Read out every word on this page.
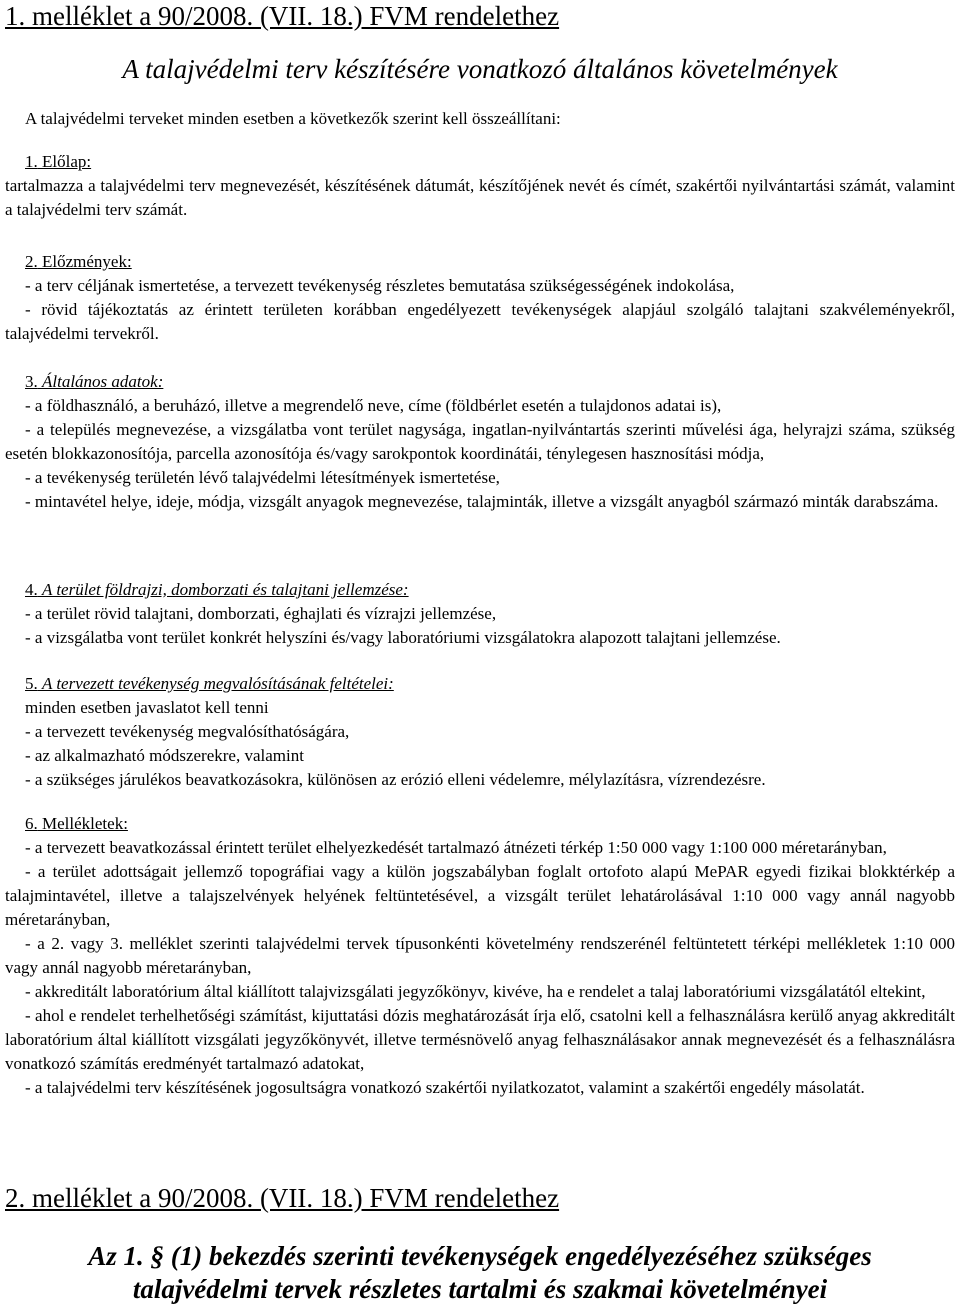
1. melléklet a 90/2008. (VII. 18.) FVM rendelethez
A talajvédelmi terv készítésére vonatkozó általános követelmények

A talajvédelmi terveket minden esetben a következők szerint kell összeállítani:

1. Előlap:

tartalmazza a talajvédelmi terv megnevezését, készítésének dátumát, készítőjének nevét és címét, szakértői nyilvántartási számát, valamint a talajvédelmi terv számát.

2. Előzmények:

- a terv céljának ismertetése, a tervezett tevékenység részletes bemutatása szükségességének indokolása,

- rövid tájékoztatás az érintett területen korábban engedélyezett tevékenységek alapjául szolgáló talajtani szakvéleményekről, talajvédelmi tervekről.

3. Általános adatok:

- a földhasználó, a beruházó, illetve a megrendelő neve, címe (földbérlet esetén a tulajdonos adatai is),

- a település megnevezése, a vizsgálatba vont terület nagysága, ingatlan-nyilvántartás szerinti művelési ága, helyrajzi száma, szükség esetén blokkazonosítója, parcella azonosítója és/vagy sarokpontok koordinátái, ténylegesen hasznosítási módja,

- a tevékenység területén lévő talajvédelmi létesítmények ismertetése,

- mintavétel helye, ideje, módja, vizsgált anyagok megnevezése, talajminták, illetve a vizsgált anyagból származó minták darabszáma.

4. A terület földrajzi, domborzati és talajtani jellemzése:

- a terület rövid talajtani, domborzati, éghajlati és vízrajzi jellemzése,

- a vizsgálatba vont terület konkrét helyszíni és/vagy laboratóriumi vizsgálatokra alapozott talajtani jellemzése.

5. A tervezett tevékenység megvalósításának feltételei:

minden esetben javaslatot kell tenni

- a tervezett tevékenység megvalósíthatóságára,

- az alkalmazható módszerekre, valamint

- a szükséges járulékos beavatkozásokra, különösen az erózió elleni védelemre, mélylazításra, vízrendezésre.

6. Mellékletek:

- a tervezett beavatkozással érintett terület elhelyezkedését tartalmazó átnézeti térkép 1:50 000 vagy 1:100 000 méretarányban,

- a terület adottságait jellemző topográfiai vagy a külön jogszabályban foglalt ortofoto alapú MePAR egyedi fizikai blokktérkép a talajmintavétel, illetve a talajszelvények helyének feltüntetésével, a vizsgált terület lehatárolásával 1:10 000 vagy annál nagyobb méretarányban,

- a 2. vagy 3. melléklet szerinti talajvédelmi tervek típusonkénti követelmény rendszerénél feltüntetett térképi mellékletek 1:10 000 vagy annál nagyobb méretarányban,

- akkreditált laboratórium által kiállított talajvizsgálati jegyzőkönyv, kivéve, ha e rendelet a talaj laboratóriumi vizsgálatától eltekint,

- ahol e rendelet terhelhetőségi számítást, kijuttatási dózis meghatározását írja elő, csatolni kell a felhasználásra kerülő anyag akkreditált laboratórium által kiállított vizsgálati jegyzőkönyvét, illetve termésnövelő anyag felhasználásakor annak megnevezését és a felhasználásra vonatkozó számítás eredményét tartalmazó adatokat,

- a talajvédelmi terv készítésének jogosultságra vonatkozó szakértői nyilatkozatot, valamint a szakértői engedély másolatát.

2. melléklet a 90/2008. (VII. 18.) FVM rendelethez
Az 1. § (1) bekezdés szerinti tevékenységek engedélyezéséhez szükséges
talajvédelmi tervek részletes tartalmi és szakmai követelményei
